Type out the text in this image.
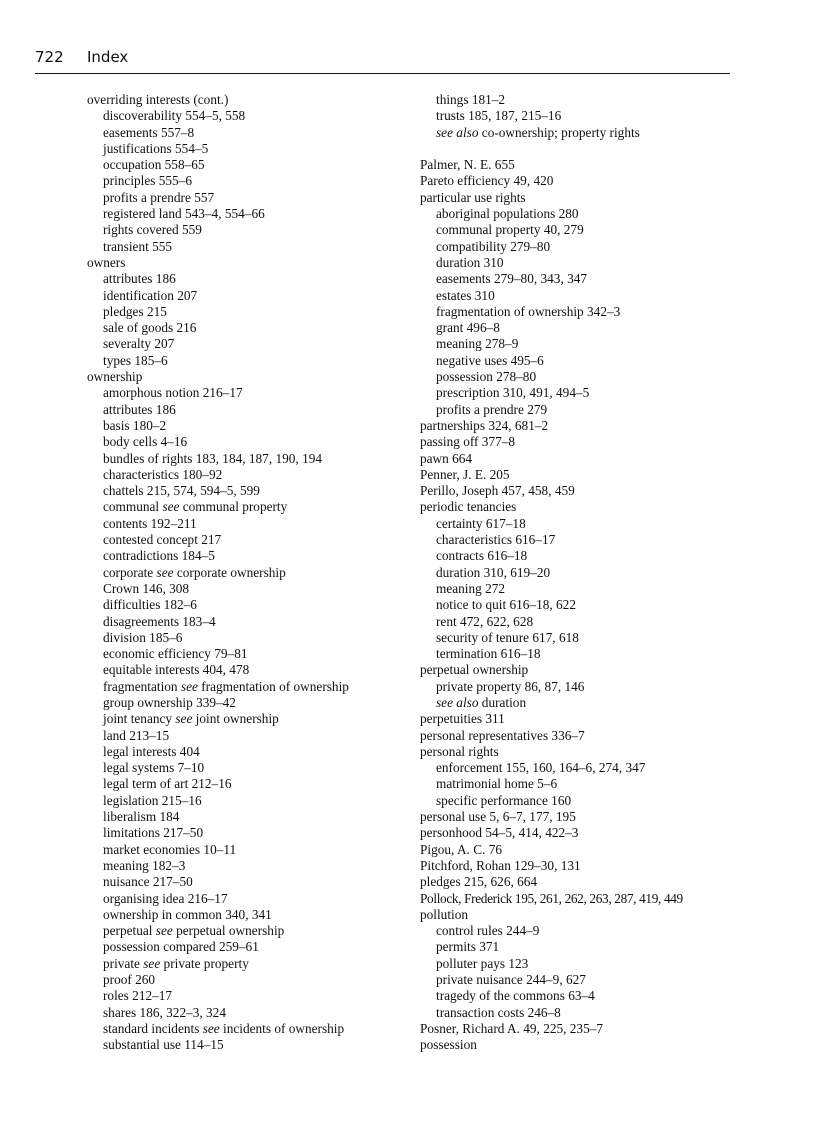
722 Index
overriding interests (cont.)
discoverability 554–5, 558
easements 557–8
justifications 554–5
occupation 558–65
principles 555–6
profits a prendre 557
registered land 543–4, 554–66
rights covered 559
transient 555
owners
attributes 186
identification 207
pledges 215
sale of goods 216
severalty 207
types 185–6
ownership
amorphous notion 216–17
attributes 186
basis 180–2
body cells 4–16
bundles of rights 183, 184, 187, 190, 194
characteristics 180–92
chattels 215, 574, 594–5, 599
communal see communal property
contents 192–211
contested concept 217
contradictions 184–5
corporate see corporate ownership
Crown 146, 308
difficulties 182–6
disagreements 183–4
division 185–6
economic efficiency 79–81
equitable interests 404, 478
fragmentation see fragmentation of ownership
group ownership 339–42
joint tenancy see joint ownership
land 213–15
legal interests 404
legal systems 7–10
legal term of art 212–16
legislation 215–16
liberalism 184
limitations 217–50
market economies 10–11
meaning 182–3
nuisance 217–50
organising idea 216–17
ownership in common 340, 341
perpetual see perpetual ownership
possession compared 259–61
private see private property
proof 260
roles 212–17
shares 186, 322–3, 324
standard incidents see incidents of ownership
substantial use 114–15
things 181–2
trusts 185, 187, 215–16
see also co-ownership; property rights
Palmer, N. E. 655
Pareto efficiency 49, 420
particular use rights
aboriginal populations 280
communal property 40, 279
compatibility 279–80
duration 310
easements 279–80, 343, 347
estates 310
fragmentation of ownership 342–3
grant 496–8
meaning 278–9
negative uses 495–6
possession 278–80
prescription 310, 491, 494–5
profits a prendre 279
partnerships 324, 681–2
passing off 377–8
pawn 664
Penner, J. E. 205
Perillo, Joseph 457, 458, 459
periodic tenancies
certainty 617–18
characteristics 616–17
contracts 616–18
duration 310, 619–20
meaning 272
notice to quit 616–18, 622
rent 472, 622, 628
security of tenure 617, 618
termination 616–18
perpetual ownership
private property 86, 87, 146
see also duration
perpetuities 311
personal representatives 336–7
personal rights
enforcement 155, 160, 164–6, 274, 347
matrimonial home 5–6
specific performance 160
personal use 5, 6–7, 177, 195
personhood 54–5, 414, 422–3
Pigou, A. C. 76
Pitchford, Rohan 129–30, 131
pledges 215, 626, 664
Pollock, Frederick 195, 261, 262, 263, 287, 419, 449
pollution
control rules 244–9
permits 371
polluter pays 123
private nuisance 244–9, 627
tragedy of the commons 63–4
transaction costs 246–8
Posner, Richard A. 49, 225, 235–7
possession
